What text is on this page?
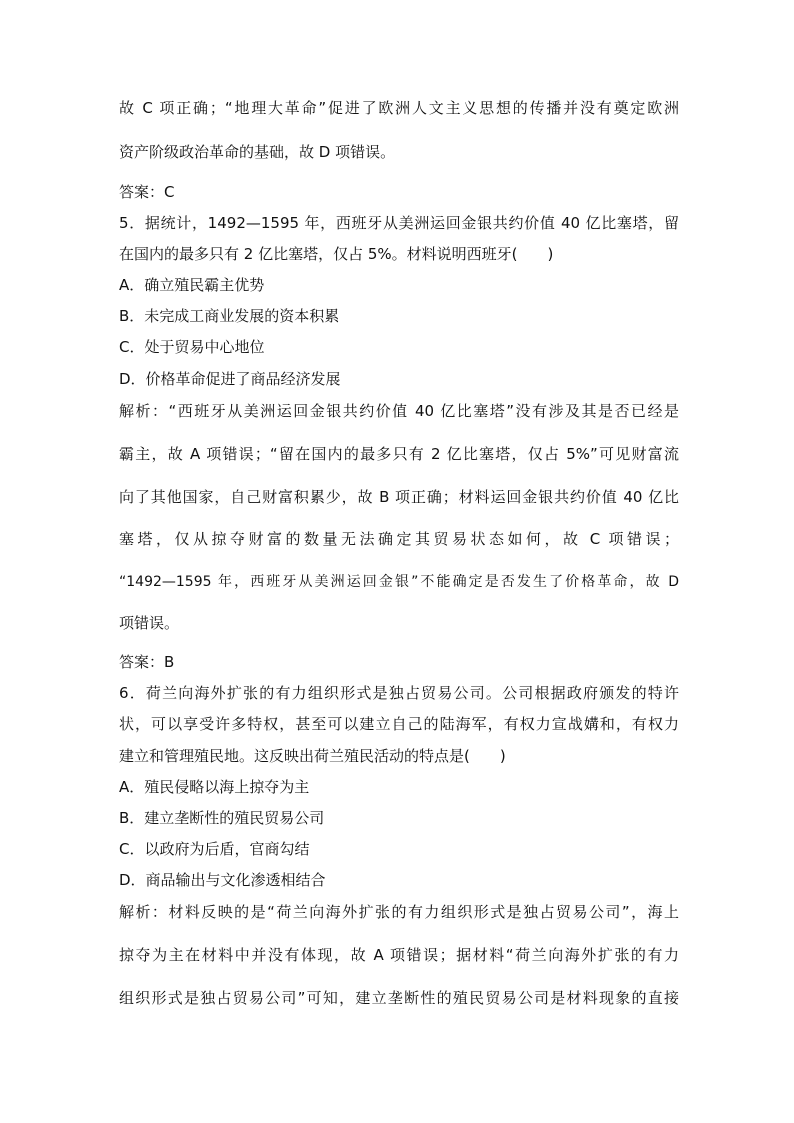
故 C 项正确；“地理大革命”促进了欧洲人文主义思想的传播并没有奠定欧洲
资产阶级政治革命的基础，故 D 项错误。
答案：C
5．据统计，1492—1595 年，西班牙从美洲运回金银共约价值 40 亿比塞塔，留
在国内的最多只有 2 亿比塞塔，仅占 5%。材料说明西班牙(　　)
A．确立殖民霸主优势
B．未完成工商业发展的资本积累
C．处于贸易中心地位
D．价格革命促进了商品经济发展
解析：“西班牙从美洲运回金银共约价值 40 亿比塞塔”没有涉及其是否已经是
霸主，故 A 项错误；“留在国内的最多只有 2 亿比塞塔，仅占 5%”可见财富流
向了其他国家，自己财富积累少，故 B 项正确；材料运回金银共约价值 40 亿比
塞塔，仅从掠夺财富的数量无法确定其贸易状态如何，故 C 项错误；
“1492—1595 年，西班牙从美洲运回金银”不能确定是否发生了价格革命，故 D
项错误。
答案：B
6．荷兰向海外扩张的有力组织形式是独占贸易公司。公司根据政府颁发的特许
状，可以享受许多特权，甚至可以建立自己的陆海军，有权力宣战媾和，有权力
建立和管理殖民地。这反映出荷兰殖民活动的特点是(　　)
A．殖民侵略以海上掠夺为主
B．建立垄断性的殖民贸易公司
C．以政府为后盾，官商勾结
D．商品输出与文化渗透相结合
解析：材料反映的是“荷兰向海外扩张的有力组织形式是独占贸易公司”，海上
掠夺为主在材料中并没有体现，故 A 项错误；据材料“荷兰向海外扩张的有力
组织形式是独占贸易公司”可知，建立垄断性的殖民贸易公司是材料现象的直接
